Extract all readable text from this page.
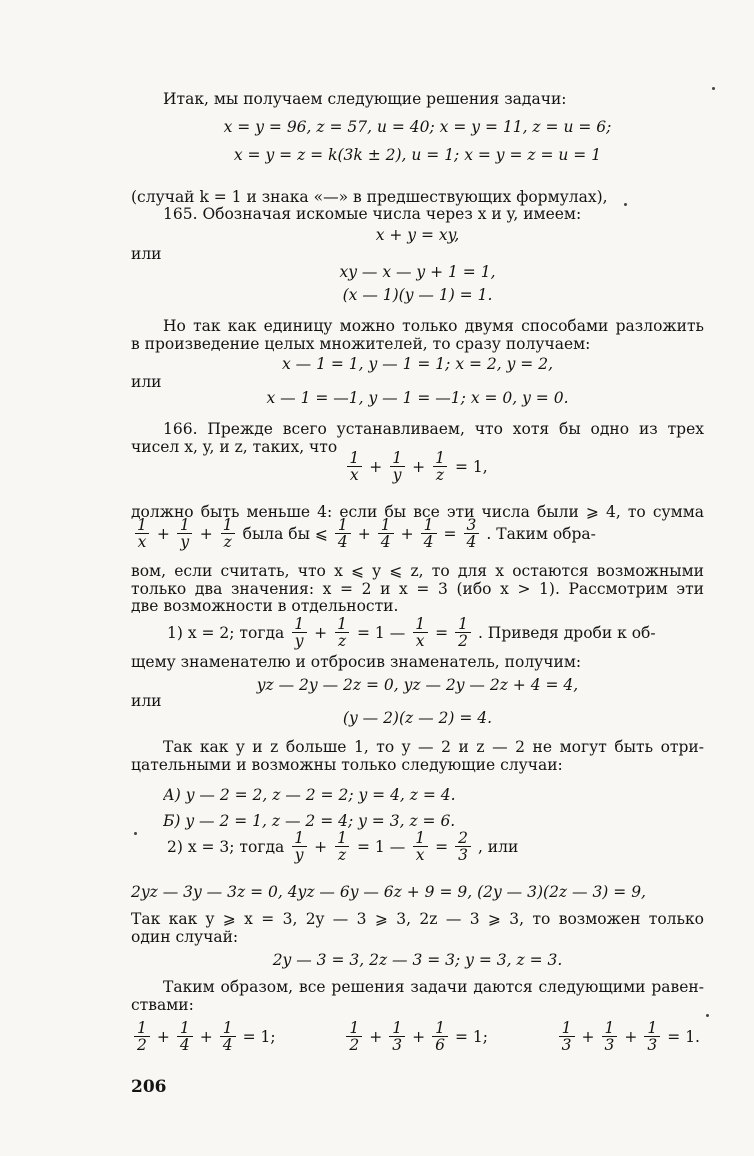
Итак, мы получаем следующие решения задачи:
(случай k = 1 и знака «—» в предшествующих формулах),
165. Обозначая искомые числа через x и y, имеем:
Но так как единицу можно только двумя способами разложить
в произведение целых множителей, то сразу получаем:
166. Прежде всего устанавливаем, что хотя бы одно из трех
чисел x, y, и z, таких, что
должно быть меньше 4: если бы все эти числа были ⩾ 4, то сумма
вом, если считать, что x ⩽ y ⩽ z, то для x остаются возможными
только два значения: x = 2 и x = 3 (ибо x > 1). Рассмотрим эти
две возможности в отдельности.
щему знаменателю и отбросив знаменатель, получим:
Так как y и z больше 1, то y — 2 и z — 2 не могут быть отри-
цательными и возможны только следующие случаи:
Так как y ⩾ x = 3, 2y — 3 ⩾ 3, 2z — 3 ⩾ 3, то возможен только
один случай:
Таким образом, все решения задачи даются следующими равен-
ствами:
x = y = 96, z = 57, u = 40; x = y = 11, z = u = 6;
x = y = z = k(3k ± 2), u = 1; x = y = z = u = 1
x + y = xy,
xy — x — y + 1 = 1,
(x — 1)(y — 1) = 1.
x — 1 = 1, y — 1 = 1; x = 2, y = 2,
x — 1 = —1, y — 1 = —1; x = 0, y = 0.
yz — 2y — 2z = 0, yz — 2y — 2z + 4 = 4,
(y — 2)(z — 2) = 4.
2y — 3 = 3, 2z — 3 = 3; y = 3, z = 3.
или
или
или
$\frac{1}{x} + \frac{1}{y} + \frac{1}{z} = 1$,
$\frac{1}{x} + \frac{1}{y} + \frac{1}{z}$ была бы ⩽ $\frac{1}{4} + \frac{1}{4} + \frac{1}{4} = \frac{3}{4}$ . Таким обра-
1) x = 2; тогда $\frac{1}{y} + \frac{1}{z} = 1$ — $\frac{1}{x} = \frac{1}{2}$ . Приведя дроби к об-
А) y — 2 = 2, z — 2 = 2; y = 4, z = 4.
Б) y — 2 = 1, z — 2 = 4; y = 3, z = 6.
2) x = 3; тогда $\frac{1}{y} + \frac{1}{z} = 1$ — $\frac{1}{x} = \frac{2}{3}$ , или
2yz — 3y — 3z = 0, 4yz — 6y — 6z + 9 = 9, (2y — 3)(2z — 3) = 9,
$\frac{1}{2} + \frac{1}{4} + \frac{1}{4} = 1$;	$\frac{1}{2} + \frac{1}{3} + \frac{1}{6} = 1$;	$\frac{1}{3} + \frac{1}{3} + \frac{1}{3} = 1$.
206
